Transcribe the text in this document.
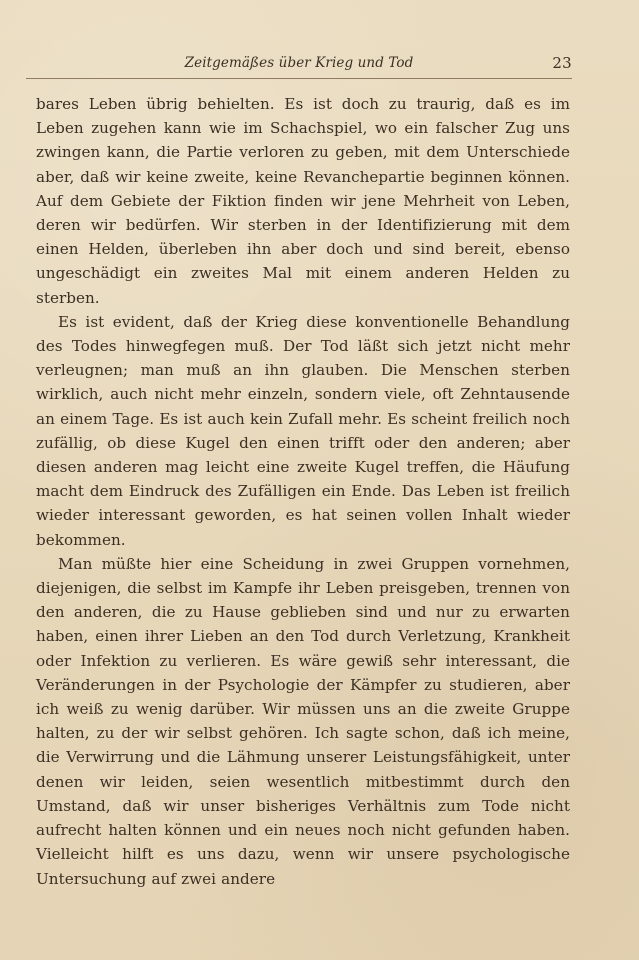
Zeitgemäßes über Krieg und Tod	23

bares Leben übrig behielten. Es ist doch zu traurig, daß es im Leben zugehen kann wie im Schachspiel, wo ein falscher Zug uns zwingen kann, die Partie verloren zu geben, mit dem Unterschiede aber, daß wir keine zweite, keine Revanchepartie beginnen können. Auf dem Gebiete der Fiktion finden wir jene Mehrheit von Leben, deren wir bedürfen. Wir sterben in der Identifizierung mit dem einen Helden, überleben ihn aber doch und sind bereit, ebenso ungeschädigt ein zweites Mal mit einem anderen Helden zu sterben.

Es ist evident, daß der Krieg diese konventionelle Behandlung des Todes hinwegfegen muß. Der Tod läßt sich jetzt nicht mehr verleugnen; man muß an ihn glauben. Die Menschen sterben wirklich, auch nicht mehr einzeln, sondern viele, oft Zehntausende an einem Tage. Es ist auch kein Zufall mehr. Es scheint freilich noch zufällig, ob diese Kugel den einen trifft oder den anderen; aber diesen anderen mag leicht eine zweite Kugel treffen, die Häufung macht dem Eindruck des Zufälligen ein Ende. Das Leben ist freilich wieder interessant geworden, es hat seinen vollen Inhalt wieder bekommen.

Man müßte hier eine Scheidung in zwei Gruppen vornehmen, diejenigen, die selbst im Kampfe ihr Leben preisgeben, trennen von den anderen, die zu Hause geblieben sind und nur zu erwarten haben, einen ihrer Lieben an den Tod durch Verletzung, Krankheit oder Infektion zu verlieren. Es wäre gewiß sehr interessant, die Veränderungen in der Psychologie der Kämpfer zu studieren, aber ich weiß zu wenig darüber. Wir müssen uns an die zweite Gruppe halten, zu der wir selbst gehören. Ich sagte schon, daß ich meine, die Verwirrung und die Lähmung unserer Leistungsfähigkeit, unter denen wir leiden, seien wesentlich mitbestimmt durch den Umstand, daß wir unser bisheriges Verhältnis zum Tode nicht aufrecht halten können und ein neues noch nicht gefunden haben. Vielleicht hilft es uns dazu, wenn wir unsere psychologische Untersuchung auf zwei andere
